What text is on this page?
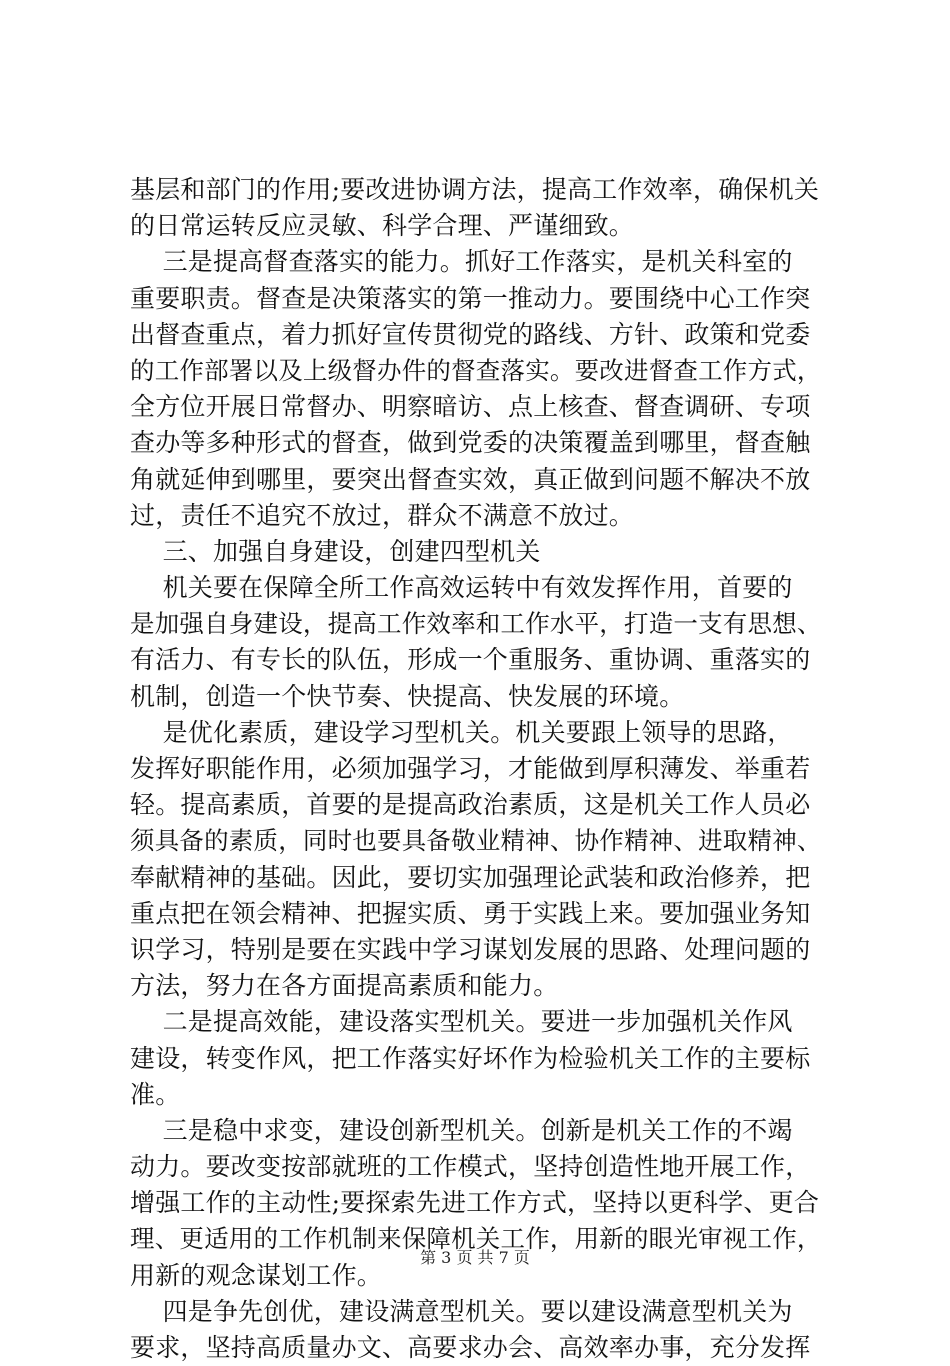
基层和部门的作用;要改进协调方法，提高工作效率，确保机关
的日常运转反应灵敏、科学合理、严谨细致。
三是提高督查落实的能力。抓好工作落实，是机关科室的
重要职责。督查是决策落实的第一推动力。要围绕中心工作突
出督查重点，着力抓好宣传贯彻党的路线、方针、政策和党委
的工作部署以及上级督办件的督查落实。要改进督查工作方式，
全方位开展日常督办、明察暗访、点上核查、督查调研、专项
查办等多种形式的督查，做到党委的决策覆盖到哪里，督查触
角就延伸到哪里，要突出督查实效，真正做到问题不解决不放
过，责任不追究不放过，群众不满意不放过。
三、加强自身建设，创建四型机关
机关要在保障全所工作高效运转中有效发挥作用，首要的
是加强自身建设，提高工作效率和工作水平，打造一支有思想、
有活力、有专长的队伍，形成一个重服务、重协调、重落实的
机制，创造一个快节奏、快提高、快发展的环境。
是优化素质，建设学习型机关。机关要跟上领导的思路，
发挥好职能作用，必须加强学习，才能做到厚积薄发、举重若
轻。提高素质，首要的是提高政治素质，这是机关工作人员必
须具备的素质，同时也要具备敬业精神、协作精神、进取精神、
奉献精神的基础。因此，要切实加强理论武装和政治修养，把
重点把在领会精神、把握实质、勇于实践上来。要加强业务知
识学习，特别是要在实践中学习谋划发展的思路、处理问题的
方法，努力在各方面提高素质和能力。
二是提高效能，建设落实型机关。要进一步加强机关作风
建设，转变作风，把工作落实好坏作为检验机关工作的主要标
准。
三是稳中求变，建设创新型机关。创新是机关工作的不竭
动力。要改变按部就班的工作模式，坚持创造性地开展工作，
增强工作的主动性;要探索先进工作方式，坚持以更科学、更合
理、更适用的工作机制来保障机关工作，用新的眼光审视工作，
用新的观念谋划工作。
四是争先创优，建设满意型机关。要以建设满意型机关为
要求，坚持高质量办文、高要求办会、高效率办事，充分发挥
第 3 页 共 7 页
